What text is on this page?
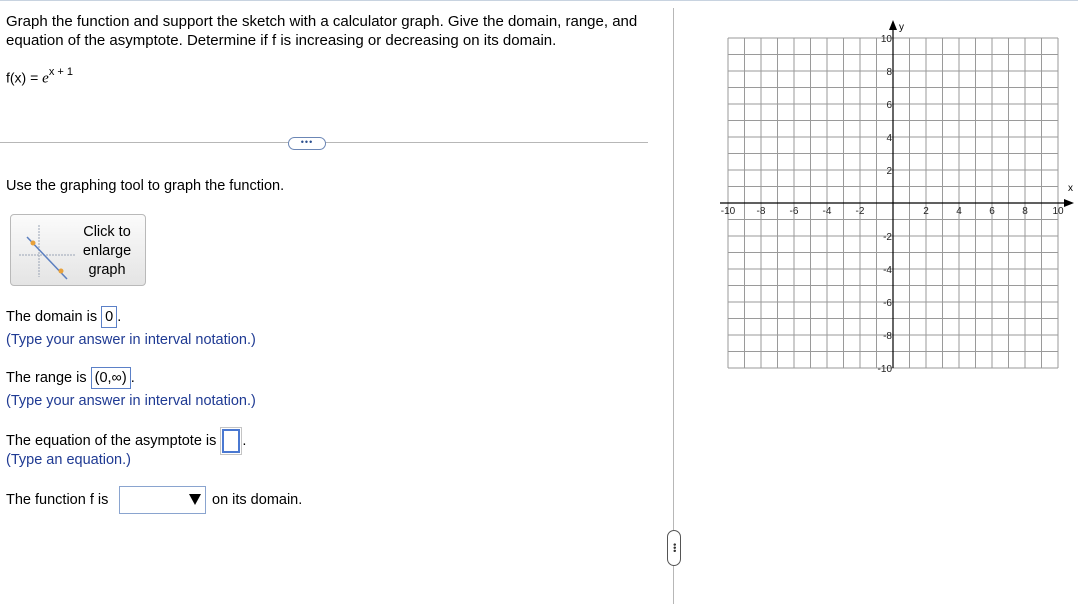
Graph the function and support the sketch with a calculator graph. Give the domain, range, and equation of the asymptote. Determine if f is increasing or decreasing on its domain.
$f(x) = e^{x + 1}$
•••
•••
Use the graphing tool to graph the function.
Click to
enlarge
graph
The domain is 0 .
(Type your answer in interval notation.)
The range is (0,∞) .
(Type your answer in interval notation.)
The equation of the asymptote is .
(Type an equation.)
The function f is	on its domain.
x
y
-10 -8 -6 -4 -2	2	4	6	8 10
10
8
6
4
2
-2
-4
-6
-8
-10
